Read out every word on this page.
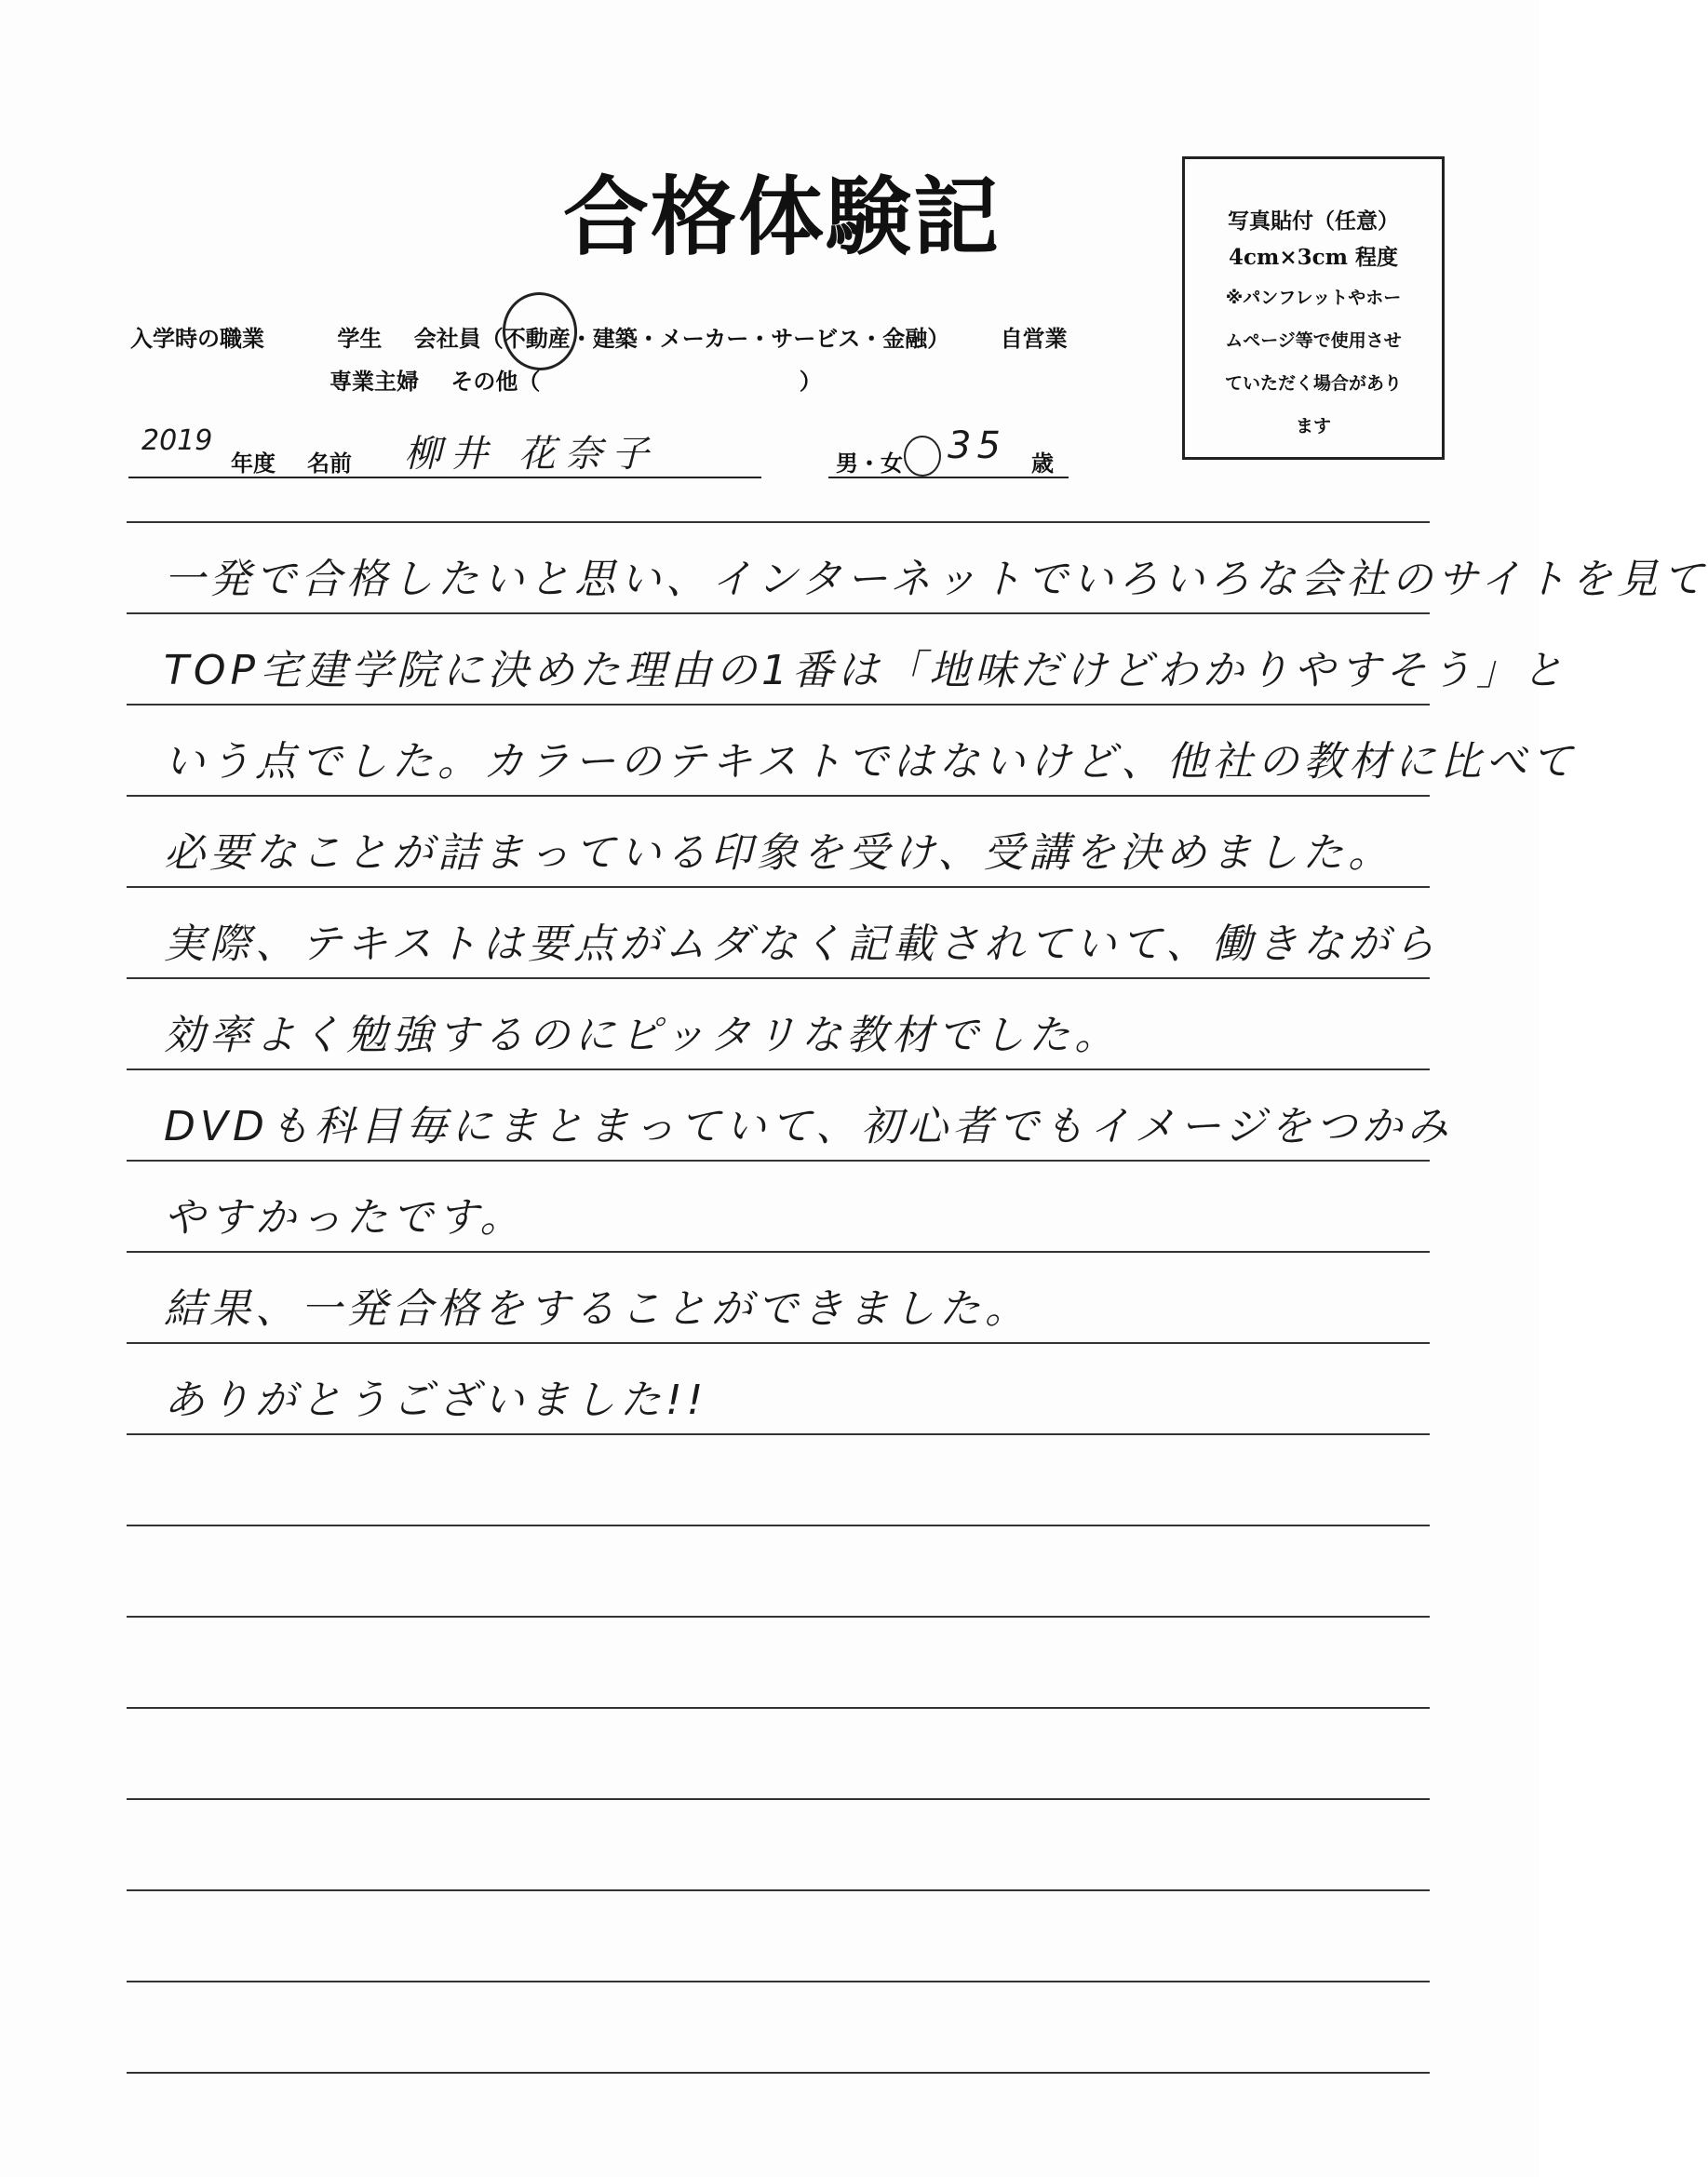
合格体験記	写真貼付（任意）
4cm×3cm 程度
※パンフレットやホー
ムページ等で使用させ
ていただく場合があり
ます
入学時の職業	学生 会社員（不動産・建築・メーカー・サービス・金融） 自営業
専業主婦 その他（	）
2019
年度 名前 柳井 花奈子	男・女 35 歳
一発で合格したいと思い、インターネットでいろいろな会社のサイトを見て
TOP宅建学院に決めた理由の1番は「地味だけどわかりやすそう」と
いう点でした。カラーのテキストではないけど、他社の教材に比べて
必要なことが詰まっている印象を受け、受講を決めました。
実際、テキストは要点がムダなく記載されていて、働きながら
効率よく勉強するのにピッタリな教材でした。
DVDも科目毎にまとまっていて、初心者でもイメージをつかみ
やすかったです。
結果、一発合格をすることができました。
ありがとうございました!!
